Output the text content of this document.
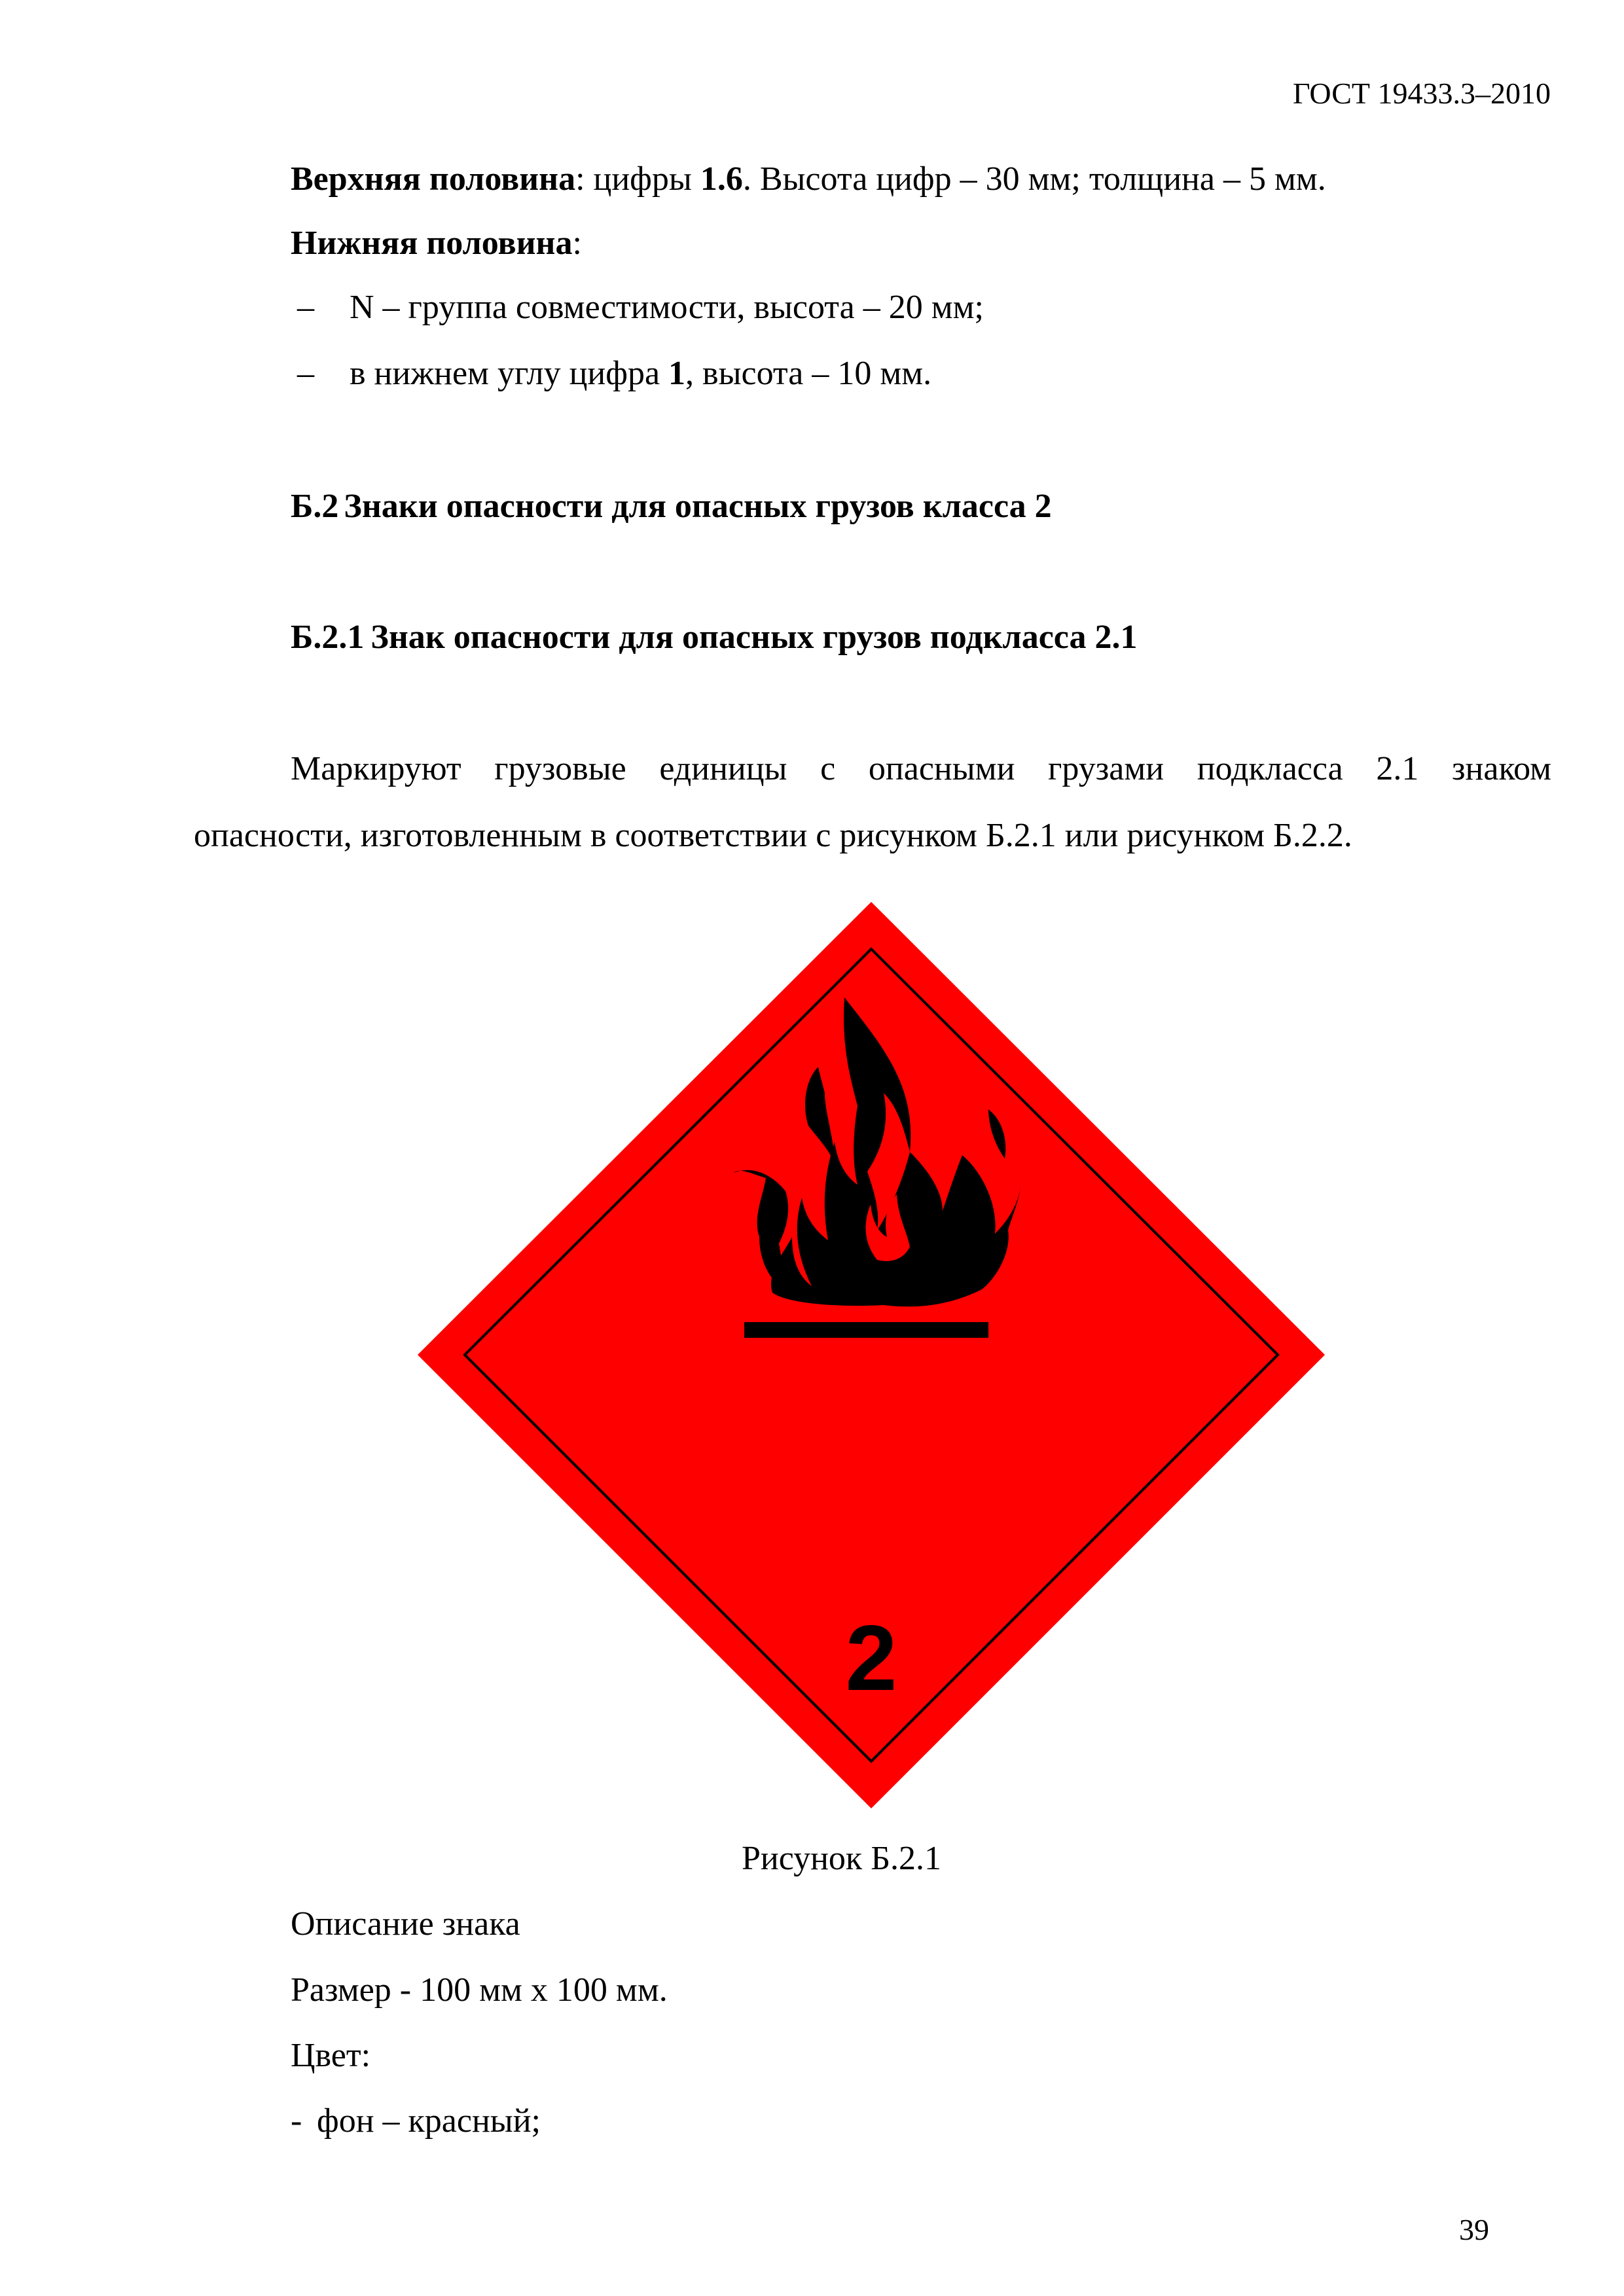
ГОСТ 19433.3–2010
Верхняя половина: цифры 1.6. Высота цифр – 30 мм; толщина – 5 мм.
Нижняя половина:
– N – группа совместимости, высота – 20 мм;
– в нижнем углу цифра 1, высота – 10 мм.
Б.2 Знаки опасности для опасных грузов класса 2
Б.2.1 Знак опасности для опасных грузов подкласса 2.1
Маркируют грузовые единицы с опасными грузами подкласса 2.1 знаком
опасности, изготовленным в соответствии с рисунком Б.2.1 или рисунком Б.2.2.
2
Рисунок Б.2.1
Описание знака
Размер - 100 мм х 100 мм.
Цвет:
- фон – красный;
39
